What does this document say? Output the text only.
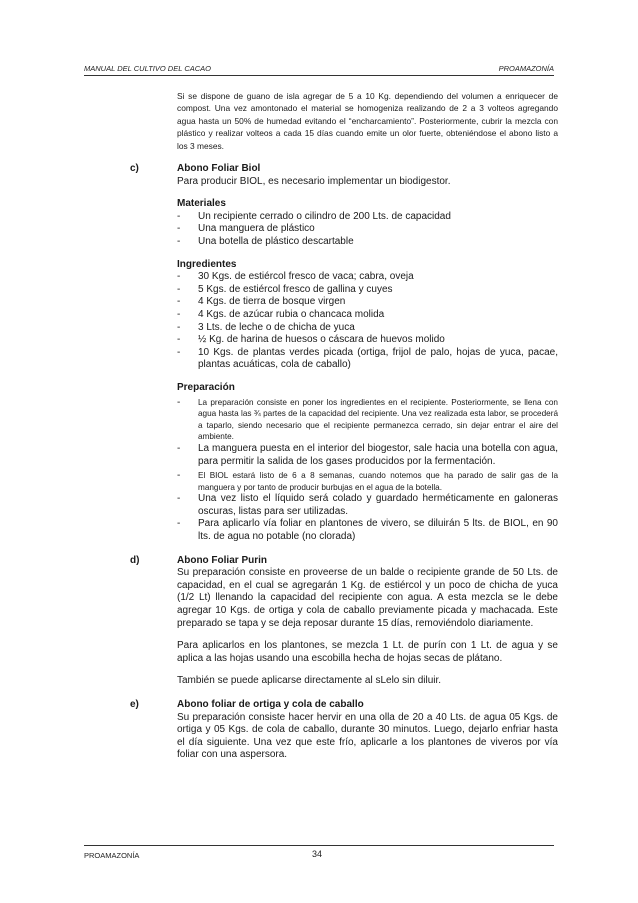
MANUAL DEL CULTIVO DEL CACAO	PROAMAZONÍA

Si se dispone de guano de isla agregar de 5 a 10 Kg. dependiendo del volumen a enriquecer de compost. Una vez amontonado el material se homogeniza realizando de 2 a 3 volteos agregando agua hasta un 50% de humedad evitando el “encharcamiento”. Posteriormente, cubrir la mezcla con plástico y realizar volteos a cada 15 días cuando emite un olor fuerte, obteniéndose el abono listo a los 3 meses.

c)	Abono Foliar Biol
Para producir BIOL, es necesario implementar un biodigestor.
Materiales
- Un recipiente cerrado o cilindro de 200 Lts. de capacidad
- Una manguera de plástico
- Una botella de plástico descartable
Ingredientes
- 30 Kgs. de estiércol fresco de vaca; cabra, oveja
- 5 Kgs. de estiércol fresco de gallina y cuyes
- 4 Kgs. de tierra de bosque virgen
- 4 Kgs. de azúcar rubia o chancaca molida
- 3 Lts. de leche o de chicha de yuca
- ½ Kg. de harina de huesos o cáscara de huevos molido
- 10 Kgs. de plantas verdes picada (ortiga, frijol de palo, hojas de yuca, pacae, plantas acuáticas, cola de caballo)
Preparación
- La preparación consiste en poner los ingredientes en el recipiente. Posteriormente, se llena con agua hasta las ¾ partes de la capacidad del recipiente. Una vez realizada esta labor, se procederá a taparlo, siendo necesario que el recipiente permanezca cerrado, sin dejar entrar el aire del ambiente.
- La manguera puesta en el interior del biogestor, sale hacia una botella con agua, para permitir la salida de los gases producidos por la fermentación.
- El BIOL estará listo de 6 a 8 semanas, cuando notemos que ha parado de salir gas de la manguera y por tanto de producir burbujas en el agua de la botella.
- Una vez listo el líquido será colado y guardado herméticamente en galoneras oscuras, listas para ser utilizadas.
- Para aplicarlo vía foliar en plantones de vivero, se diluirán 5 lts. de BIOL, en 90 lts. de agua no potable (no clorada)
d)	Abono Foliar Purin
Su preparación consiste en proveerse de un balde o recipiente grande de 50 Lts. de capacidad, en el cual se agregarán 1 Kg. de estiércol y un poco de chicha de yuca (1/2 Lt) llenando la capacidad del recipiente con agua. A esta mezcla se le debe agregar 10 Kgs. de ortiga y cola de caballo previamente picada y machacada. Este preparado se tapa y se deja reposar durante 15 días, removiéndolo diariamente.
Para aplicarlos en los plantones, se mezcla 1 Lt. de purín con 1 Lt. de agua y se aplica a las hojas usando una escobilla hecha de hojas secas de plátano.
También se puede aplicarse directamente al sLelo sin diluir.
e)	Abono foliar de ortiga y cola de caballo
Su preparación consiste hacer hervir en una olla de 20 a 40 Lts. de agua 05 Kgs. de ortiga y 05 Kgs. de cola de caballo, durante 30 minutos. Luego, dejarlo enfriar hasta el día siguiente. Una vez que este frío, aplicarle a los plantones de viveros por vía foliar con una aspersora.
PROAMAZONÍA	34
